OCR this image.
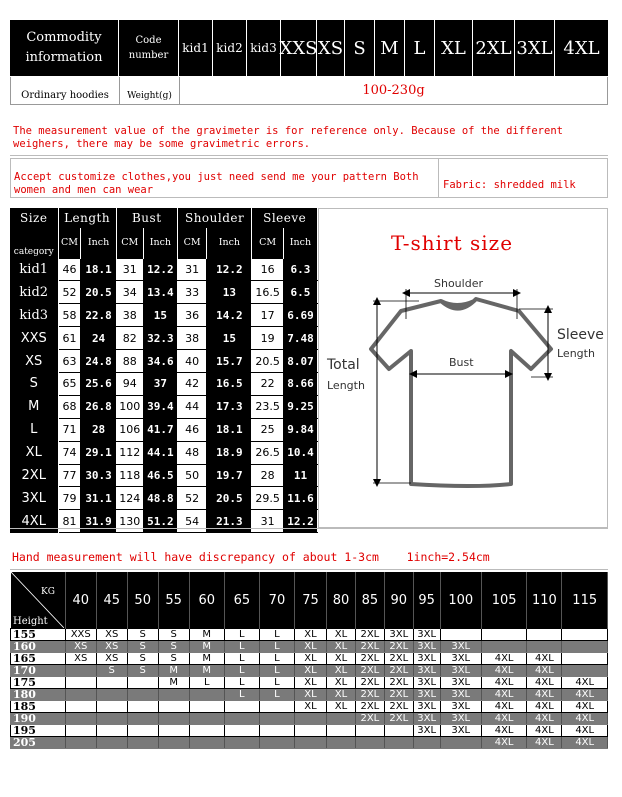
Commodity
information
Code
number
kid1 kid2 kid3 XXS XS S M L XL 2XL 3XL 4XL
Ordinary hoodies	Weight(g)	100-230g
The measurement value of the gravimeter is for reference only. Because of the different weighers, there may be some gravimetric errors.
Accept customize clothes,you just need send me your pattern Both women and men can wear	Fabric: shredded milk
Size	Length		Bust		Shoulder		Sleeve	
category	CM	Inch	CM	Inch	CM	Inch	CM	Inch
kid1	46	18.1	31	12.2	31	12.2	16	6.3
kid2	52	20.5	34	13.4	33	13	16.5	6.5
kid3	58	22.8	38	15	36	14.2	17	6.69
XXS	61	24	82	32.3	38	15	19	7.48
XS	63	24.8	88	34.6	40	15.7	20.5	8.07
S	65	25.6	94	37	42	16.5	22	8.66
M	68	26.8	100	39.4	44	17.3	23.5	9.25
L	71	28	106	41.7	46	18.1	25	9.84
XL	74	29.1	112	44.1	48	18.9	26.5	10.4
2XL	77	30.3	118	46.5	50	19.7	28	11
3XL	79	31.1	124	48.8	52	20.5	29.5	11.6
4XL	81	31.9	130	51.2	54	21.3	31	12.2
T-shirt size
Shoulder
Bust
Total
Length
Sleeve
Length
Hand measurement will have discrepancy of about 1-3cm    1inch=2.54cm
KG
Height	40	45	50	55	60	65	70	75	80	85	90	95	100	105	110	115
155	XXS	XS	S	S	M	L	L	XL	XL	2XL	3XL	3XL				
160	XS	XS	S	S	M	L	L	XL	XL	2XL	2XL	3XL	3XL			
165	XS	XS	S	S	M	L	L	XL	XL	2XL	2XL	3XL	3XL	4XL	4XL	
170		S	S	M	M	L	L	XL	XL	2XL	2XL	3XL	3XL	4XL	4XL	
175				M	L	L	L	XL	XL	2XL	2XL	3XL	3XL	4XL	4XL	4XL
180						L	L	XL	XL	2XL	2XL	3XL	3XL	4XL	4XL	4XL
185								XL	XL	2XL	2XL	3XL	3XL	4XL	4XL	4XL
190										2XL	2XL	3XL	3XL	4XL	4XL	4XL
195												3XL	3XL	4XL	4XL	4XL
205														4XL	4XL	4XL
